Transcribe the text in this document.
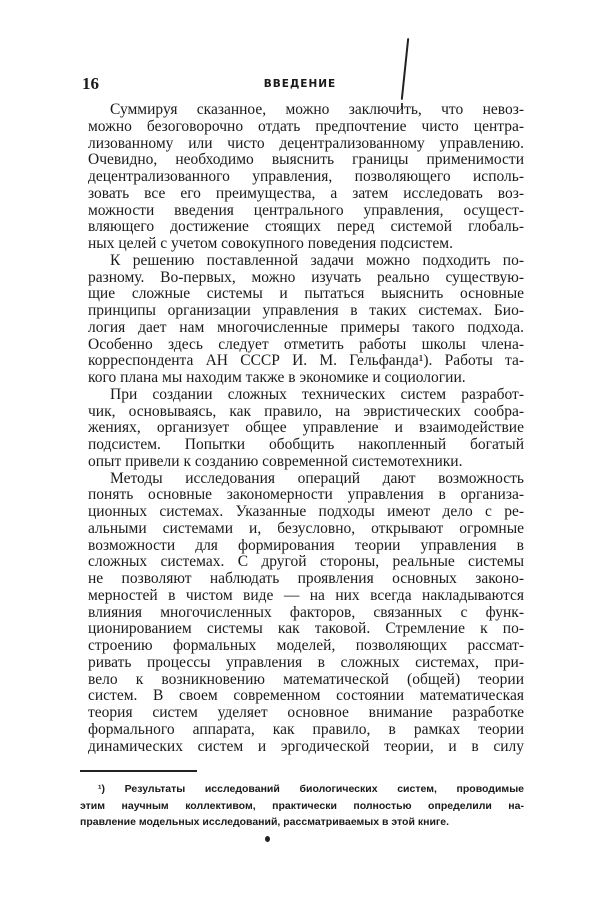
16	ВВЕДЕНИЕ
Суммируя сказанное, можно заключить, что невоз-
можно безоговорочно отдать предпочтение чисто центра-
лизованному или чисто децентрализованному управлению.
Очевидно, необходимо выяснить границы применимости
децентрализованного управления, позволяющего исполь-
зовать все его преимущества, а затем исследовать воз-
можности введения центрального управления, осущест-
вляющего достижение стоящих перед системой глобаль-
ных целей с учетом совокупного поведения подсистем.
К решению поставленной задачи можно подходить по-
разному. Во-первых, можно изучать реально существую-
щие сложные системы и пытаться выяснить основные
принципы организации управления в таких системах. Био-
логия дает нам многочисленные примеры такого подхода.
Особенно здесь следует отметить работы школы члена-
корреспондента АН СССР И. М. Гельфанда¹). Работы та-
кого плана мы находим также в экономике и социологии.
При создании сложных технических систем разработ-
чик, основываясь, как правило, на эвристических сообра-
жениях, организует общее управление и взаимодействие
подсистем. Попытки обобщить накопленный богатый
опыт привели к созданию современной системотехники.
Методы исследования операций дают возможность
понять основные закономерности управления в организа-
ционных системах. Указанные подходы имеют дело с ре-
альными системами и, безусловно, открывают огромные
возможности для формирования теории управления в
сложных системах. С другой стороны, реальные системы
не позволяют наблюдать проявления основных законо-
мерностей в чистом виде — на них всегда накладываются
влияния многочисленных факторов, связанных с функ-
ционированием системы как таковой. Стремление к по-
строению формальных моделей, позволяющих рассмат-
ривать процессы управления в сложных системах, при-
вело к возникновению математической (общей) теории
систем. В своем современном состоянии математическая
теория систем уделяет основное внимание разработке
формального аппарата, как правило, в рамках теории
динамических систем и эргодической теории, и в силу
¹) Результаты исследований биологических систем, проводимые
этим научным коллективом, практически полностью определили на-
правление модельных исследований, рассматриваемых в этой книге.
